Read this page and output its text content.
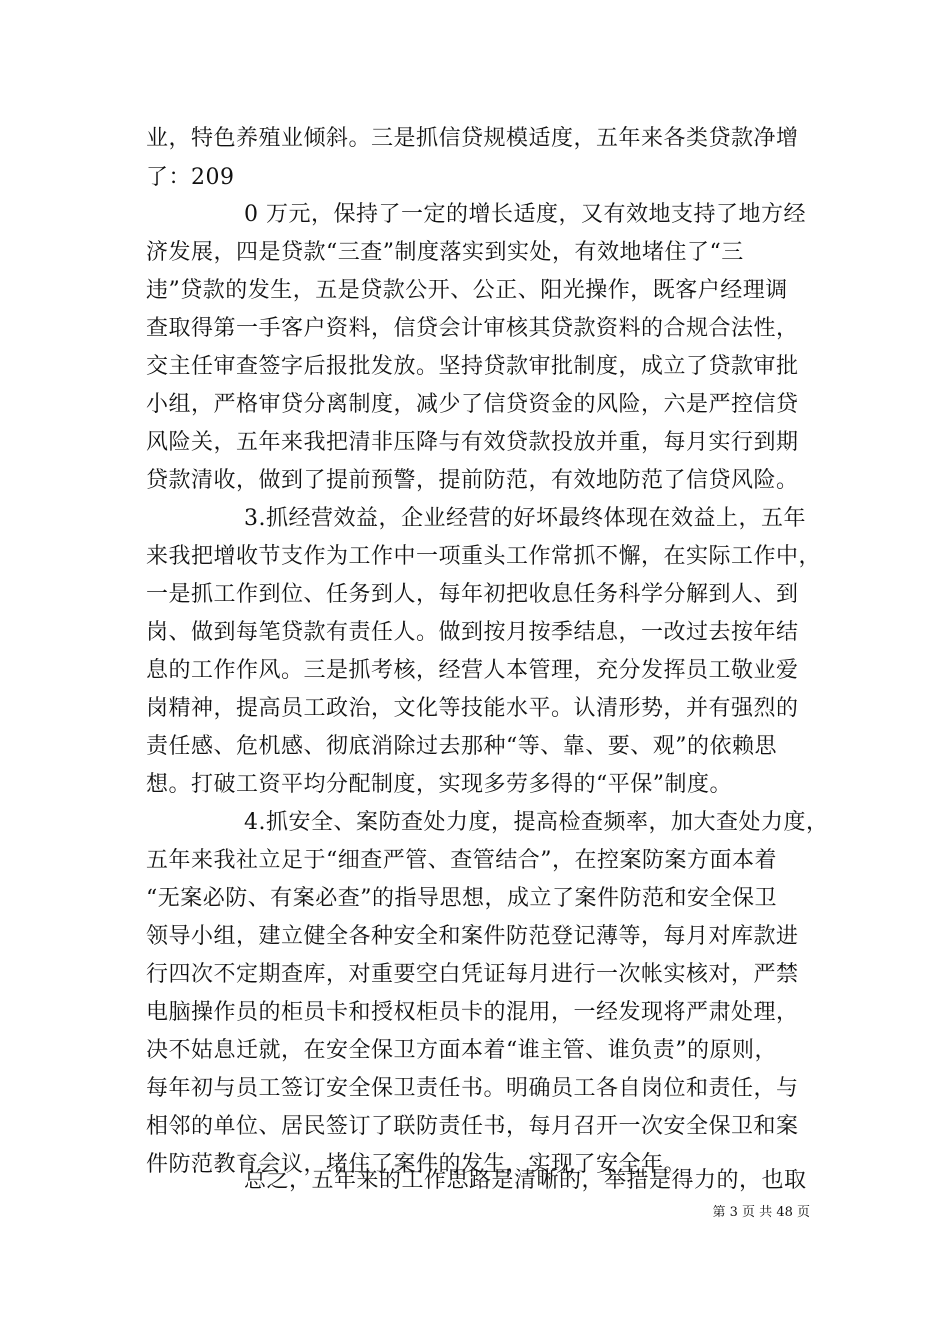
业，特色养殖业倾斜。三是抓信贷规模适度，五年来各类贷款净增
了：209
0 万元，保持了一定的增长适度，又有效地支持了地方经
济发展，四是贷款“三查”制度落实到实处，有效地堵住了“三
违”贷款的发生，五是贷款公开、公正、阳光操作，既客户经理调
查取得第一手客户资料，信贷会计审核其贷款资料的合规合法性，
交主任审查签字后报批发放。坚持贷款审批制度，成立了贷款审批
小组，严格审贷分离制度，减少了信贷资金的风险，六是严控信贷
风险关，五年来我把清非压降与有效贷款投放并重，每月实行到期
贷款清收，做到了提前预警，提前防范，有效地防范了信贷风险。
3.抓经营效益，企业经营的好坏最终体现在效益上，五年
来我把增收节支作为工作中一项重头工作常抓不懈，在实际工作中，
一是抓工作到位、任务到人，每年初把收息任务科学分解到人、到
岗、做到每笔贷款有责任人。做到按月按季结息，一改过去按年结
息的工作作风。三是抓考核，经营人本管理，充分发挥员工敬业爱
岗精神，提高员工政治，文化等技能水平。认清形势，并有强烈的
责任感、危机感、彻底消除过去那种“等、靠、要、观”的依赖思
想。打破工资平均分配制度，实现多劳多得的“平保”制度。
4.抓安全、案防查处力度，提高检查频率，加大查处力度，
五年来我社立足于“细查严管、查管结合”，在控案防案方面本着
“无案必防、有案必查”的指导思想，成立了案件防范和安全保卫
领导小组，建立健全各种安全和案件防范登记薄等，每月对库款进
行四次不定期查库，对重要空白凭证每月进行一次帐实核对，严禁
电脑操作员的柜员卡和授权柜员卡的混用，一经发现将严肃处理，
决不姑息迁就，在安全保卫方面本着“谁主管、谁负责”的原则，
每年初与员工签订安全保卫责任书。明确员工各自岗位和责任，与
相邻的单位、居民签订了联防责任书，每月召开一次安全保卫和案
件防范教育会议，堵住了案件的发生，实现了安全年。
总之，五年来的工作思路是清晰的，举措是得力的，也取
第 3 页 共 48 页
